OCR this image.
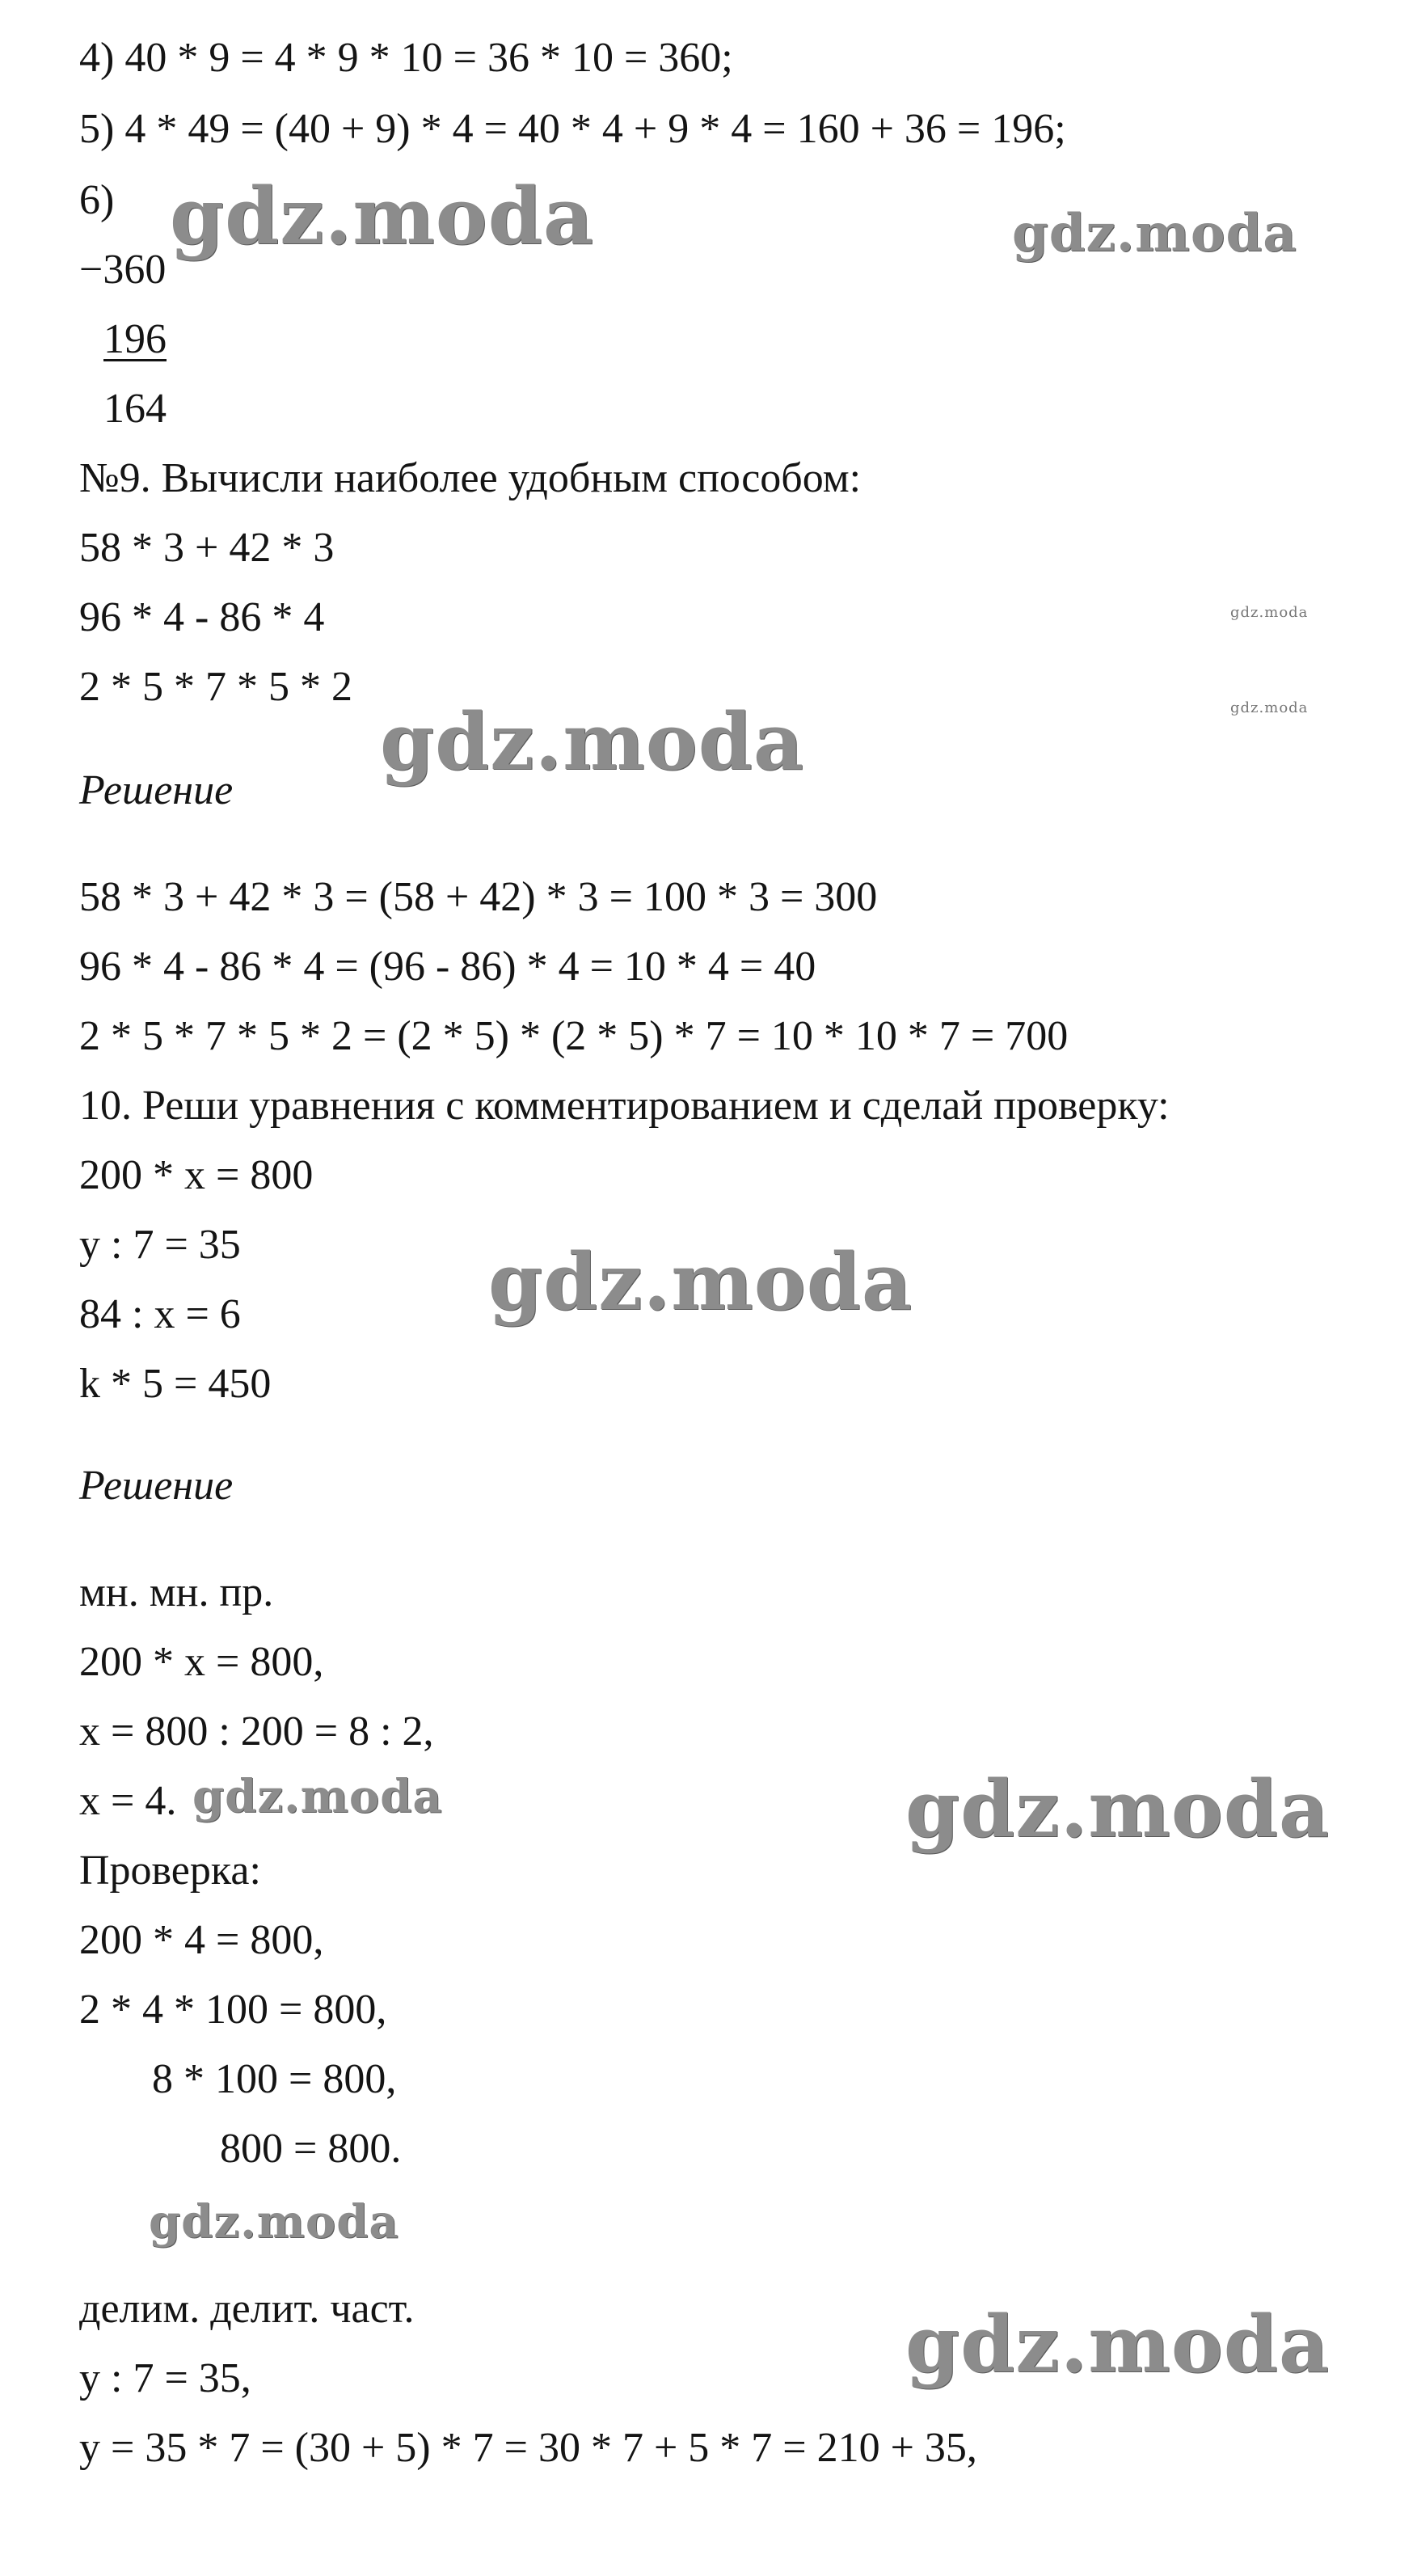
4) 40 * 9 = 4 * 9 * 10 = 36 * 10 = 360;
5) 4 * 49 = (40 + 9) * 4 = 40 * 4 + 9 * 4 = 160 + 36 = 196;
6)
−360
196
164
№9. Вычисли наиболее удобным способом:
58 * 3 + 42 * 3
96 * 4 - 86 * 4
2 * 5 * 7 * 5 * 2
Решение
58 * 3 + 42 * 3 = (58 + 42) * 3 = 100 * 3 = 300
96 * 4 - 86 * 4 = (96 - 86) * 4 = 10 * 4 = 40
2 * 5 * 7 * 5 * 2 = (2 * 5) * (2 * 5) * 7 = 10 * 10 * 7 = 700
10. Реши уравнения с комментированием и сделай проверку:
200 * x = 800
y : 7 = 35
84 : x = 6
k * 5 = 450
Решение
мн. мн. пр.
200 * x = 800,
x = 800 : 200 = 8 : 2,
x = 4.
Проверка:
200 * 4 = 800,
2 * 4 * 100 = 800,
8 * 100 = 800,
800 = 800.
делим. делит. част.
y : 7 = 35,
y = 35 * 7 = (30 + 5) * 7 = 30 * 7 + 5 * 7 = 210 + 35,
gdz.moda	gdz.moda
gdz.moda
gdz.moda
gdz.moda
gdz.moda
gdz.moda	gdz.moda
gdz.moda
gdz.moda
